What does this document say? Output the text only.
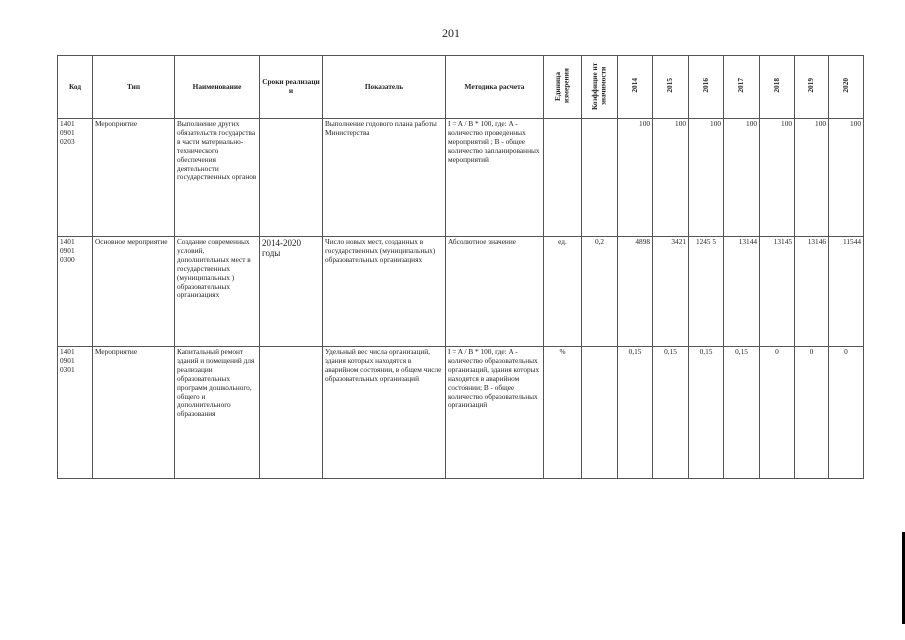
201
Код	Тип	Наименование	Сроки реализаци и	Показатель	Методика расчета	Единица измерения	Коэффицие нт значимости	2014	2015	2016	2017	2018	2019	2020
1401 0901 0203	Мероприятие	Выполнение других обязательств государства в части материально-технического обеспечения деятельности государственных органов		Выполнение годового плана работы Министерства	I = A / B * 100, где: A - количество проведенных мероприятий ; B - общее количество запланированных мероприятий			100	100	100	100	100	100	100
1401 0901 0300	Основное мероприятие	Создание современных условий, дополнительных мест в государственных (муниципальных ) образовательных организациях	2014-2020 годы	Число новых мест, созданных в государственных (муниципальных) образовательных организациях	Абсолютное значение	ед.	0,2	4898	3421	1245 5	13144	13145	13146	11544
1401 0901 0301	Мероприятие	Капитальный ремонт зданий и помещений для реализации образовательных программ дошкольного, общего и дополнительного образования		Удельный вес числа организаций, здания которых находятся в аварийном состоянии, в общем числе образовательных организаций	I = A / B * 100, где: A - количество образовательных организаций, здания которых находятся в аварийном состоянии; B - общее количество образовательных организаций	%		0,15	0,15	0,15	0,15	0	0	0
